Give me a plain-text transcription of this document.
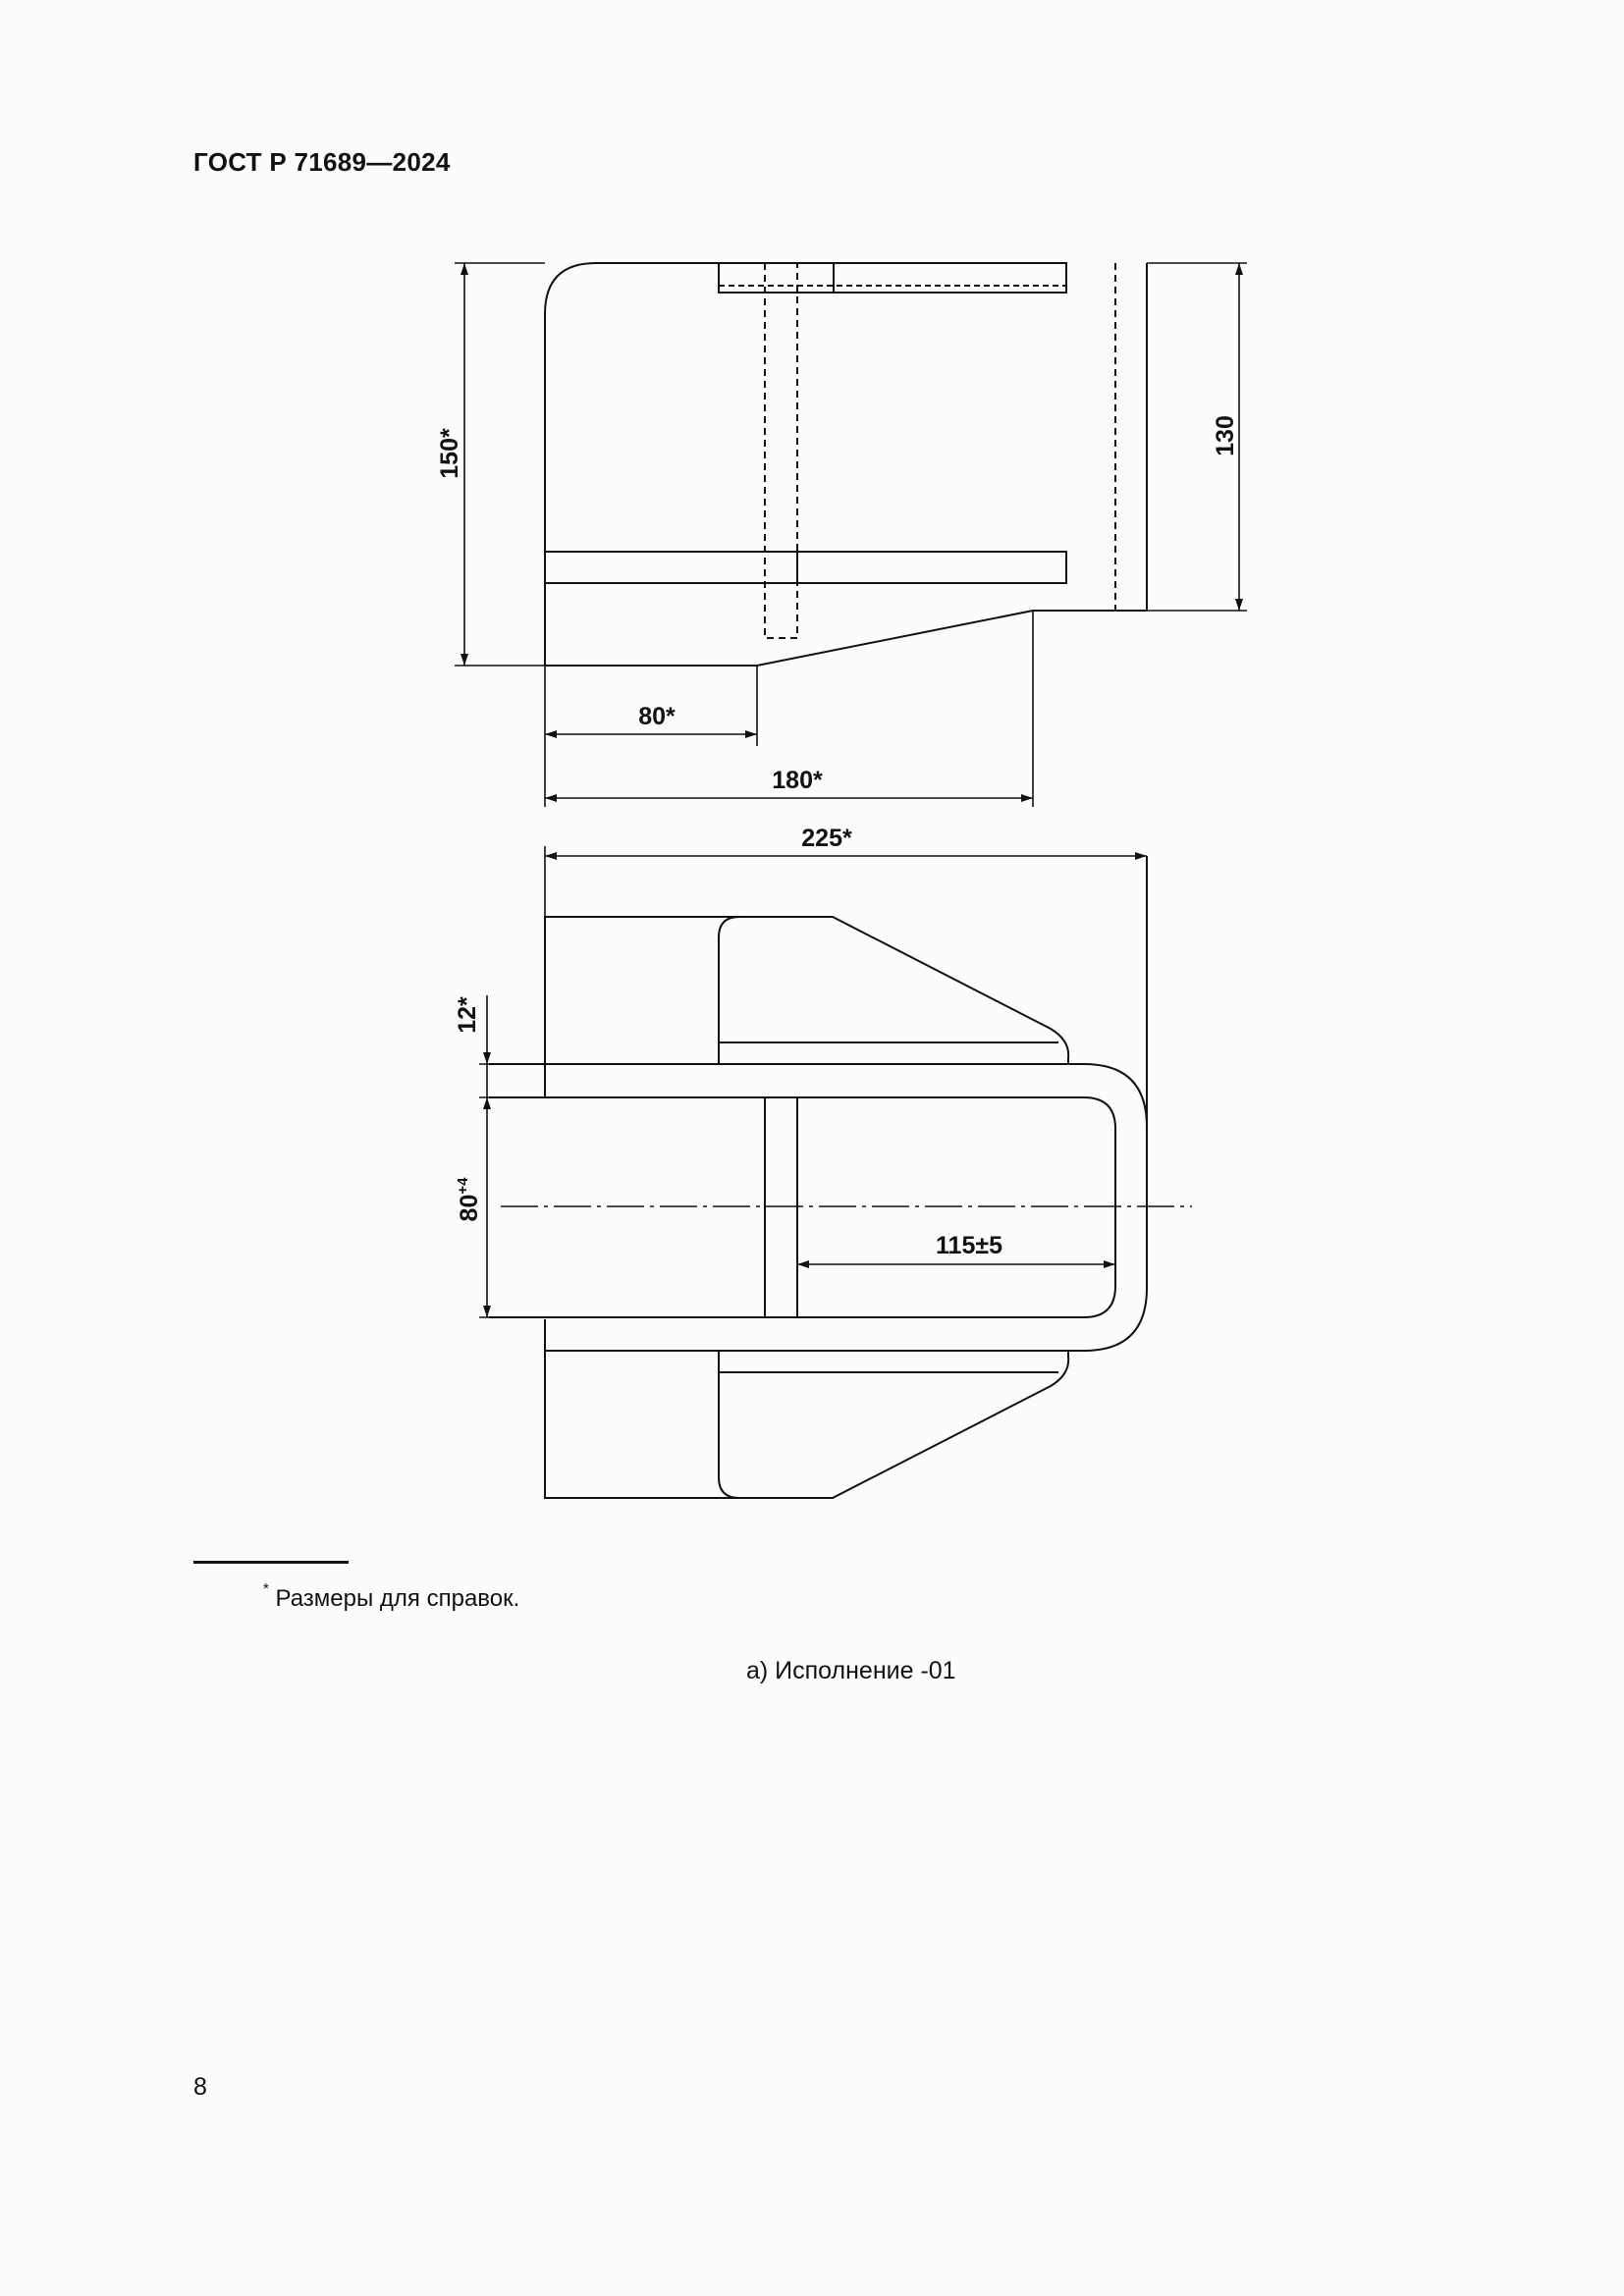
ГОСТ Р 71689—2024
150*	130
80*
180*
225*
12*
$80^{+4}$
115±5
* Размеры для справок.
а) Исполнение -01
8
